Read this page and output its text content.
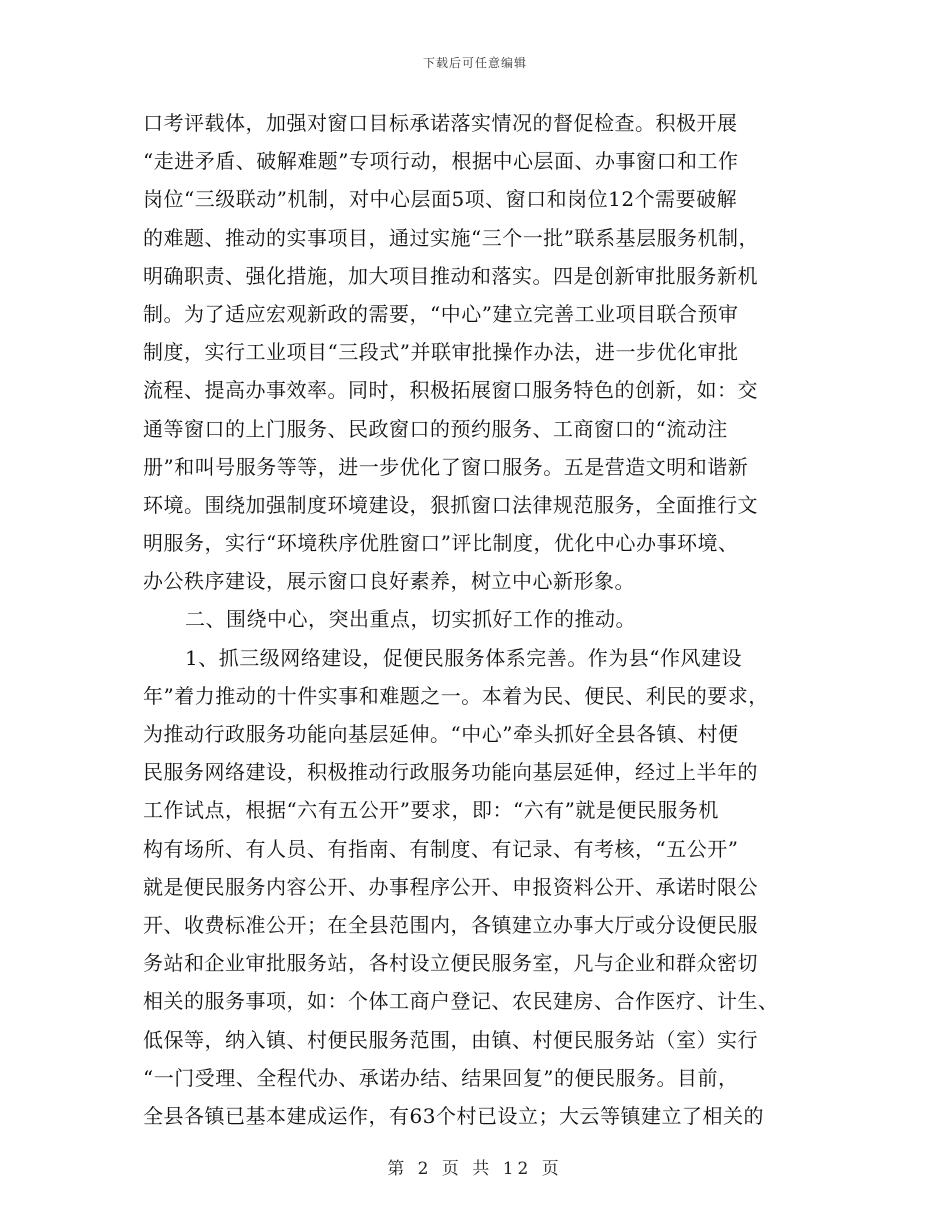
下载后可任意编辑
口考评载体，加强对窗口目标承诺落实情况的督促检查。积极开展
“走进矛盾、破解难题”专项行动，根据中心层面、办事窗口和工作
岗位“三级联动”机制，对中心层面5项、窗口和岗位12个需要破解
的难题、推动的实事项目，通过实施“三个一批”联系基层服务机制，
明确职责、强化措施，加大项目推动和落实。四是创新审批服务新机
制。为了适应宏观新政的需要，“中心”建立完善工业项目联合预审
制度，实行工业项目“三段式”并联审批操作办法，进一步优化审批
流程、提高办事效率。同时，积极拓展窗口服务特色的创新，如：交
通等窗口的上门服务、民政窗口的预约服务、工商窗口的“流动注
册”和叫号服务等等，进一步优化了窗口服务。五是营造文明和谐新
环境。围绕加强制度环境建设，狠抓窗口法律规范服务，全面推行文
明服务，实行“环境秩序优胜窗口”评比制度，优化中心办事环境、
办公秩序建设，展示窗口良好素养，树立中心新形象。
二、围绕中心，突出重点，切实抓好工作的推动。
1、抓三级网络建设，促便民服务体系完善。作为县“作风建设
年”着力推动的十件实事和难题之一。本着为民、便民、利民的要求，
为推动行政服务功能向基层延伸。“中心”牵头抓好全县各镇、村便
民服务网络建设，积极推动行政服务功能向基层延伸，经过上半年的
工作试点，根据“六有五公开”要求，即：“六有”就是便民服务机
构有场所、有人员、有指南、有制度、有记录、有考核，“五公开”
就是便民服务内容公开、办事程序公开、申报资料公开、承诺时限公
开、收费标准公开；在全县范围内，各镇建立办事大厅或分设便民服
务站和企业审批服务站，各村设立便民服务室，凡与企业和群众密切
相关的服务事项，如：个体工商户登记、农民建房、合作医疗、计生、
低保等，纳入镇、村便民服务范围，由镇、村便民服务站（室）实行
“一门受理、全程代办、承诺办结、结果回复”的便民服务。目前，
全县各镇已基本建成运作，有63个村已设立；大云等镇建立了相关的
第 2 页 共 12 页
